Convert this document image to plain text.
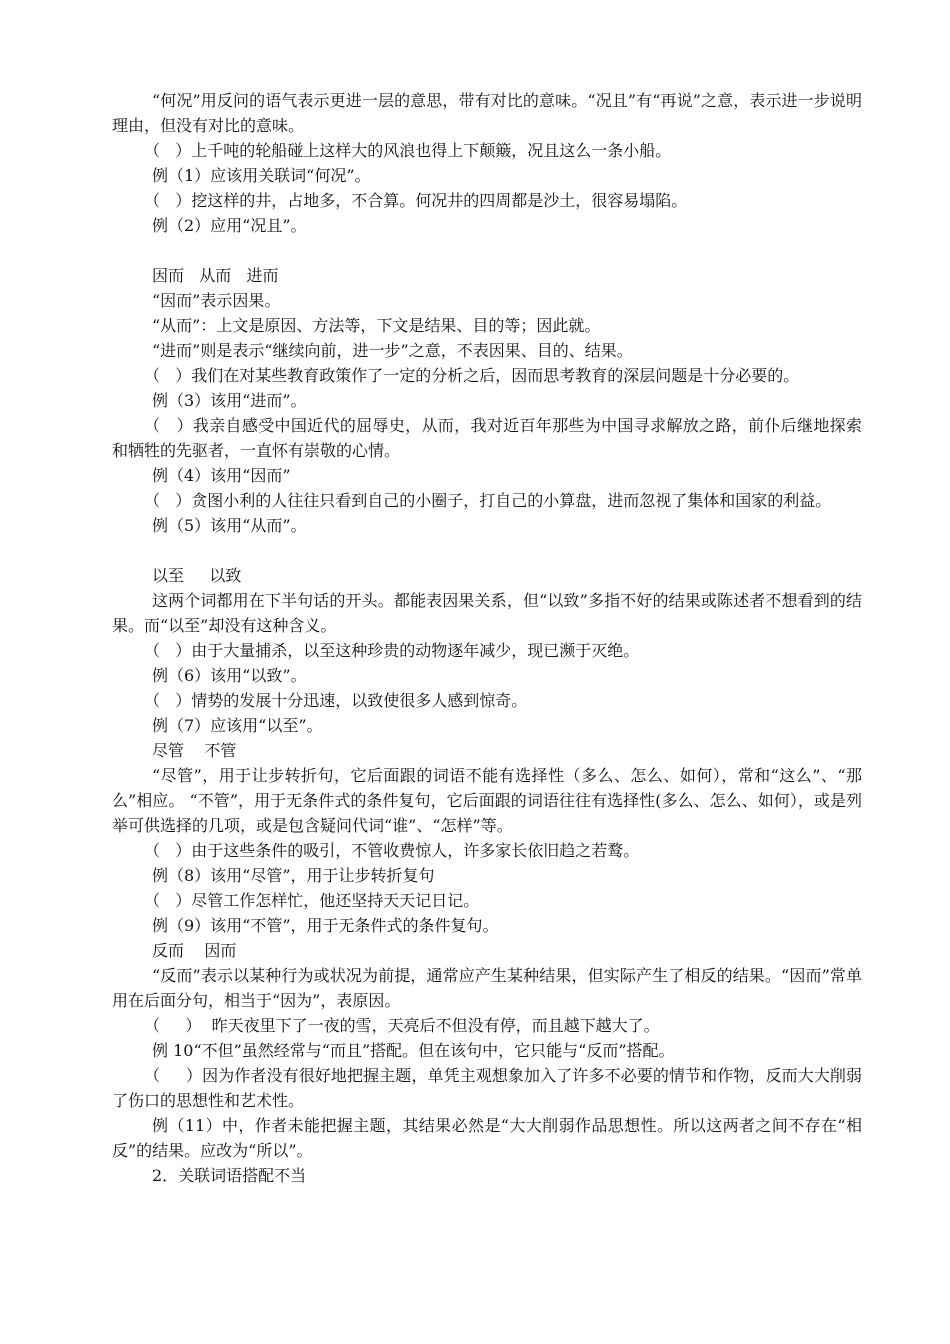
“何况”用反问的语气表示更进一层的意思，带有对比的意味。“况且”有“再说”之意，表示进一步说明理由，但没有对比的意味。

（   ）上千吨的轮船碰上这样大的风浪也得上下颠簸，况且这么一条小船。

例（1）应该用关联词“何况”。

（   ）挖这样的井，占地多，不合算。何况井的四周都是沙土，很容易塌陷。

例（2）应用“况且”。

因而   从而   进而

“因而”表示因果。

“从而”：上文是原因、方法等，下文是结果、目的等；因此就。

“进而”则是表示“继续向前，进一步”之意，不表因果、目的、结果。

（   ）我们在对某些教育政策作了一定的分析之后，因而思考教育的深层问题是十分必要的。

例（3）该用“进而”。

（   ）我亲自感受中国近代的屈辱史，从而，我对近百年那些为中国寻求解放之路，前仆后继地探索和牺牲的先驱者，一直怀有崇敬的心情。

例（4）该用“因而”

（   ）贪图小利的人往往只看到自己的小圈子，打自己的小算盘，进而忽视了集体和国家的利益。

例（5）该用“从而”。

以至     以致

这两个词都用在下半句话的开头。都能表因果关系，但“以致”多指不好的结果或陈述者不想看到的结果。而“以至”却没有这种含义。

（   ）由于大量捕杀，以至这种珍贵的动物逐年减少，现已濒于灭绝。

例（6）该用“以致”。

（   ）情势的发展十分迅速，以致使很多人感到惊奇。

例（7）应该用“以至”。

尽管    不管

“尽管”，用于让步转折句，它后面跟的词语不能有选择性（多么、怎么、如何），常和“这么”、“那么”相应。 “不管”，用于无条件式的条件复句，它后面跟的词语往往有选择性(多么、怎么、如何），或是列举可供选择的几项，或是包含疑问代词“谁”、“怎样”等。

（   ）由于这些条件的吸引，不管收费惊人，许多家长依旧趋之若鹜。

例（8）该用“尽管”，用于让步转折复句

（   ）尽管工作怎样忙，他还坚持天天记日记。

例（9）该用“不管”，用于无条件式的条件复句。

反而    因而

“反而”表示以某种行为或状况为前提，通常应产生某种结果，但实际产生了相反的结果。“因而”常单用在后面分句，相当于“因为”，表原因。

（     ）  昨天夜里下了一夜的雪，天亮后不但没有停，而且越下越大了。

例 10“不但”虽然经常与“而且”搭配。但在该句中，它只能与“反而”搭配。

（     ）因为作者没有很好地把握主题，单凭主观想象加入了许多不必要的情节和作物，反而大大削弱了伤口的思想性和艺术性。

例（11）中，作者未能把握主题，其结果必然是“大大削弱作品思想性。所以这两者之间不存在“相反”的结果。应改为“所以”。

2．关联词语搭配不当
